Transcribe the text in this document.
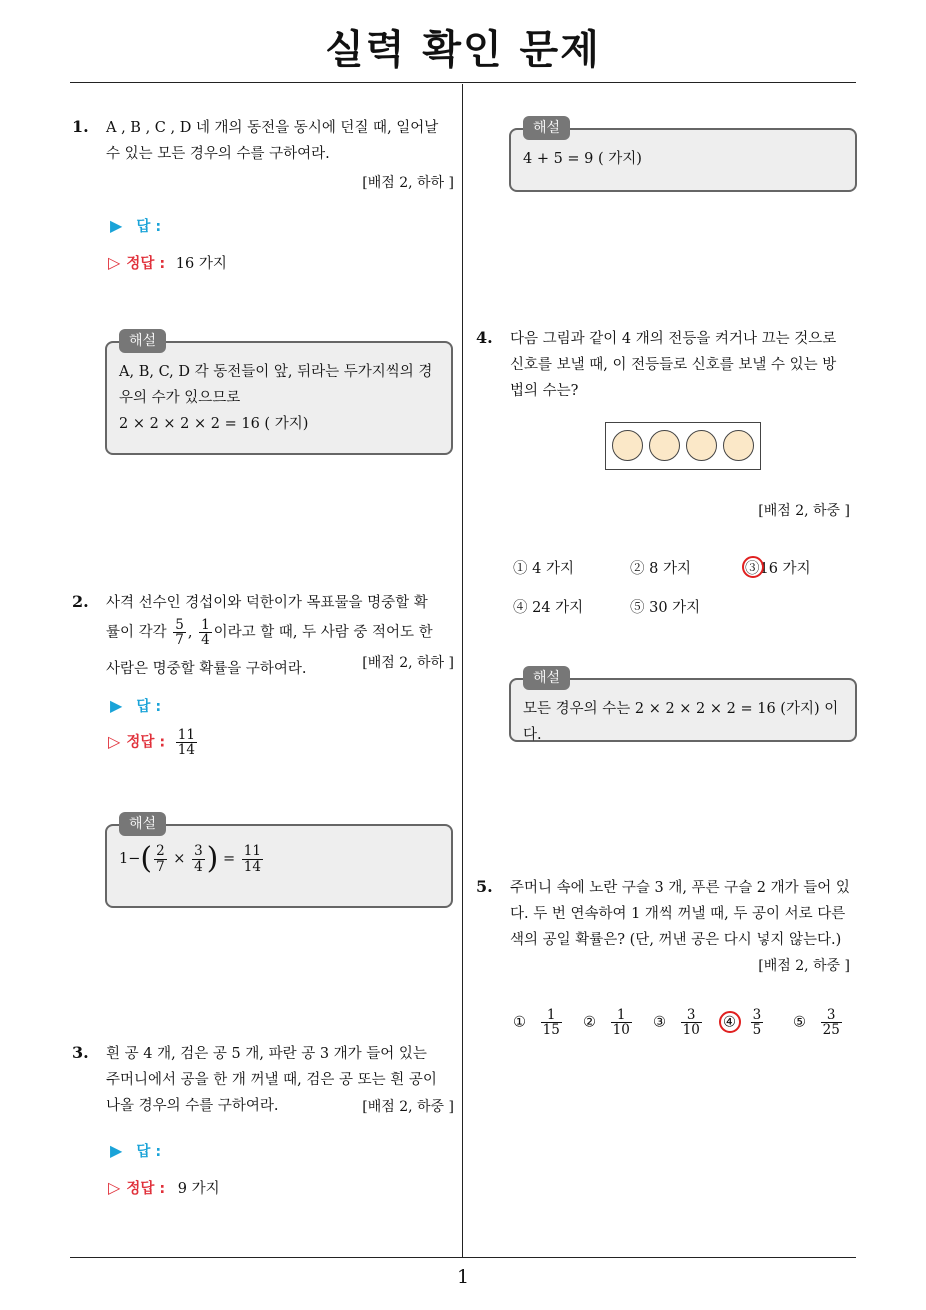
실력 확인 문제
1
1. A , B , C , D 네 개의 동전을 동시에 던질 때, 일어날
수 있는 모든 경우의 수를 구하여라.
[배점 2, 하하 ]
▶ 답 :
▷ 정답 : 16 가지
해설
A, B, C, D 각 동전들이 앞, 뒤라는 두가지씩의 경
우의 수가 있으므로
2 × 2 × 2 × 2 = 16 ( 가지)
2. 사격 선수인 경섭이와 덕한이가 목표물을 명중할 확
률이 각각 $\frac{5}{7}$ , $\frac{1}{4}$ 이라고 할 때, 두 사람 중 적어도 한
사람은 명중할 확률을 구하여라.	[배점 2, 하하 ]
▶ 답 :
▷ 정답 : $\frac{11}{14}$
해설
$1-( \frac{2}{7} \times \frac{3}{4}$ ) = $\frac{11}{14}$
3. 흰 공 4 개, 검은 공 5 개, 파란 공 3 개가 들어 있는
주머니에서 공을 한 개 꺼낼 때, 검은 공 또는 흰 공이
나올 경우의 수를 구하여라.	[배점 2, 하중 ]
▶ 답 :
▷ 정답 : 9 가지
해설
4 + 5 = 9 ( 가지)
4. 다음 그림과 같이 4 개의 전등을 켜거나 끄는 것으로
신호를 보낼 때, 이 전등들로 신호를 보낼 수 있는 방
법의 수는?
[배점 2, 하중 ]
① 4 가지	② 8 가지	③16 가지
④ 24 가지	⑤ 30 가지
해설
모든 경우의 수는 2 × 2 × 2 × 2 = 16 (가지) 이다.
5. 주머니 속에 노란 구슬 3 개, 푸른 구슬 2 개가 들어 있
다. 두 번 연속하여 1 개씩 꺼낼 때, 두 공이 서로 다른
색의 공일 확률은? (단, 꺼낸 공은 다시 넣지 않는다.)
[배점 2, 하중 ]
① $\frac{1}{15}$ ② $\frac{1}{10}$ ③ $\frac{3}{10}$ ④ $\frac{3}{5}$ ⑤ $\frac{3}{25}$
